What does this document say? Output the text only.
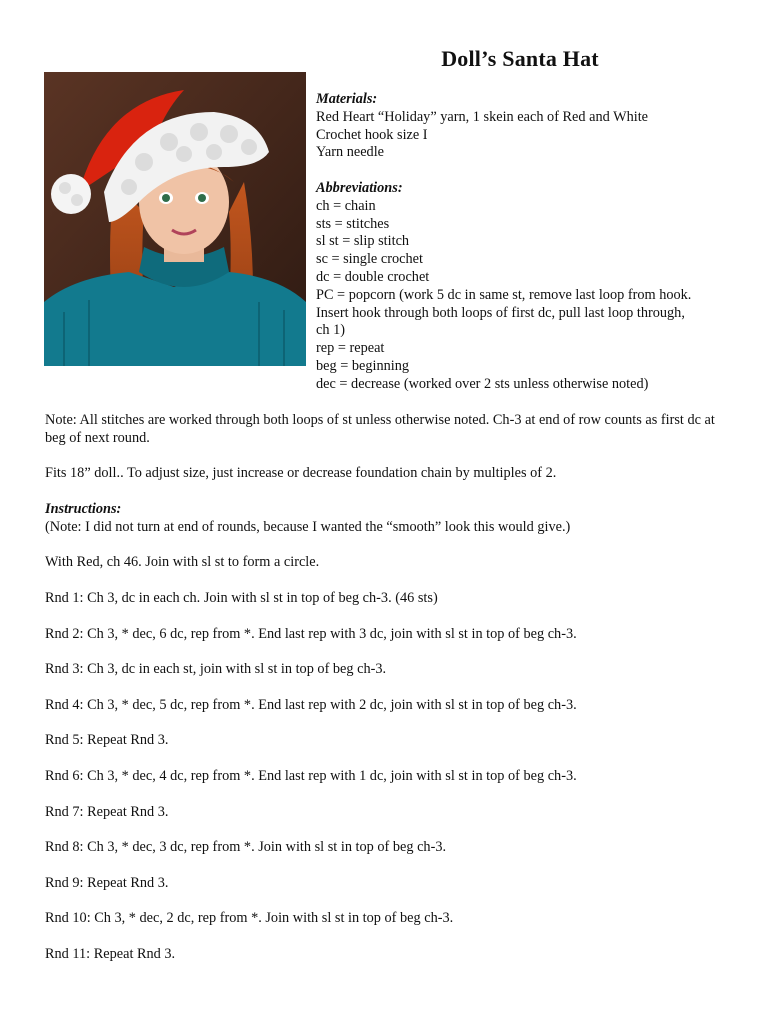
Doll’s Santa Hat

Materials:

Red Heart “Holiday” yarn, 1 skein each of Red and White

Crochet hook size I

Yarn needle

Abbreviations:

ch = chain

sts = stitches

sl st = slip stitch

sc = single crochet

dc = double crochet

PC = popcorn (work 5 dc in same st, remove last loop from hook.

Insert hook through both loops of first dc, pull last loop through,

ch 1)

rep = repeat

beg = beginning

dec = decrease (worked over 2 sts unless otherwise noted)

Note: All stitches are worked through both loops of st unless otherwise noted. Ch-3 at end of row counts as first dc at beg of next round.

Fits 18” doll.. To adjust size, just increase or decrease foundation chain by multiples of 2.

Instructions:

(Note: I did not turn at end of rounds, because I wanted the “smooth” look this would give.)

With Red, ch 46. Join with sl st to form a circle.

Rnd 1: Ch 3, dc in each ch. Join with sl st in top of beg ch-3. (46 sts)

Rnd 2: Ch 3, * dec, 6 dc, rep from *. End last rep with 3 dc, join with sl st in top of beg ch-3.

Rnd 3: Ch 3, dc in each st, join with sl st in top of beg ch-3.

Rnd 4: Ch 3, * dec, 5 dc, rep from *. End last rep with 2 dc, join with sl st in top of beg ch-3.

Rnd 5: Repeat Rnd 3.

Rnd 6: Ch 3, * dec, 4 dc, rep from *. End last rep with 1 dc, join with sl st in top of beg ch-3.

Rnd 7: Repeat Rnd 3.

Rnd 8: Ch 3, * dec, 3 dc, rep from *. Join with sl st in top of beg ch-3.

Rnd 9: Repeat Rnd 3.

Rnd 10: Ch 3, * dec, 2 dc, rep from *. Join with sl st in top of beg ch-3.

Rnd 11: Repeat Rnd 3.
